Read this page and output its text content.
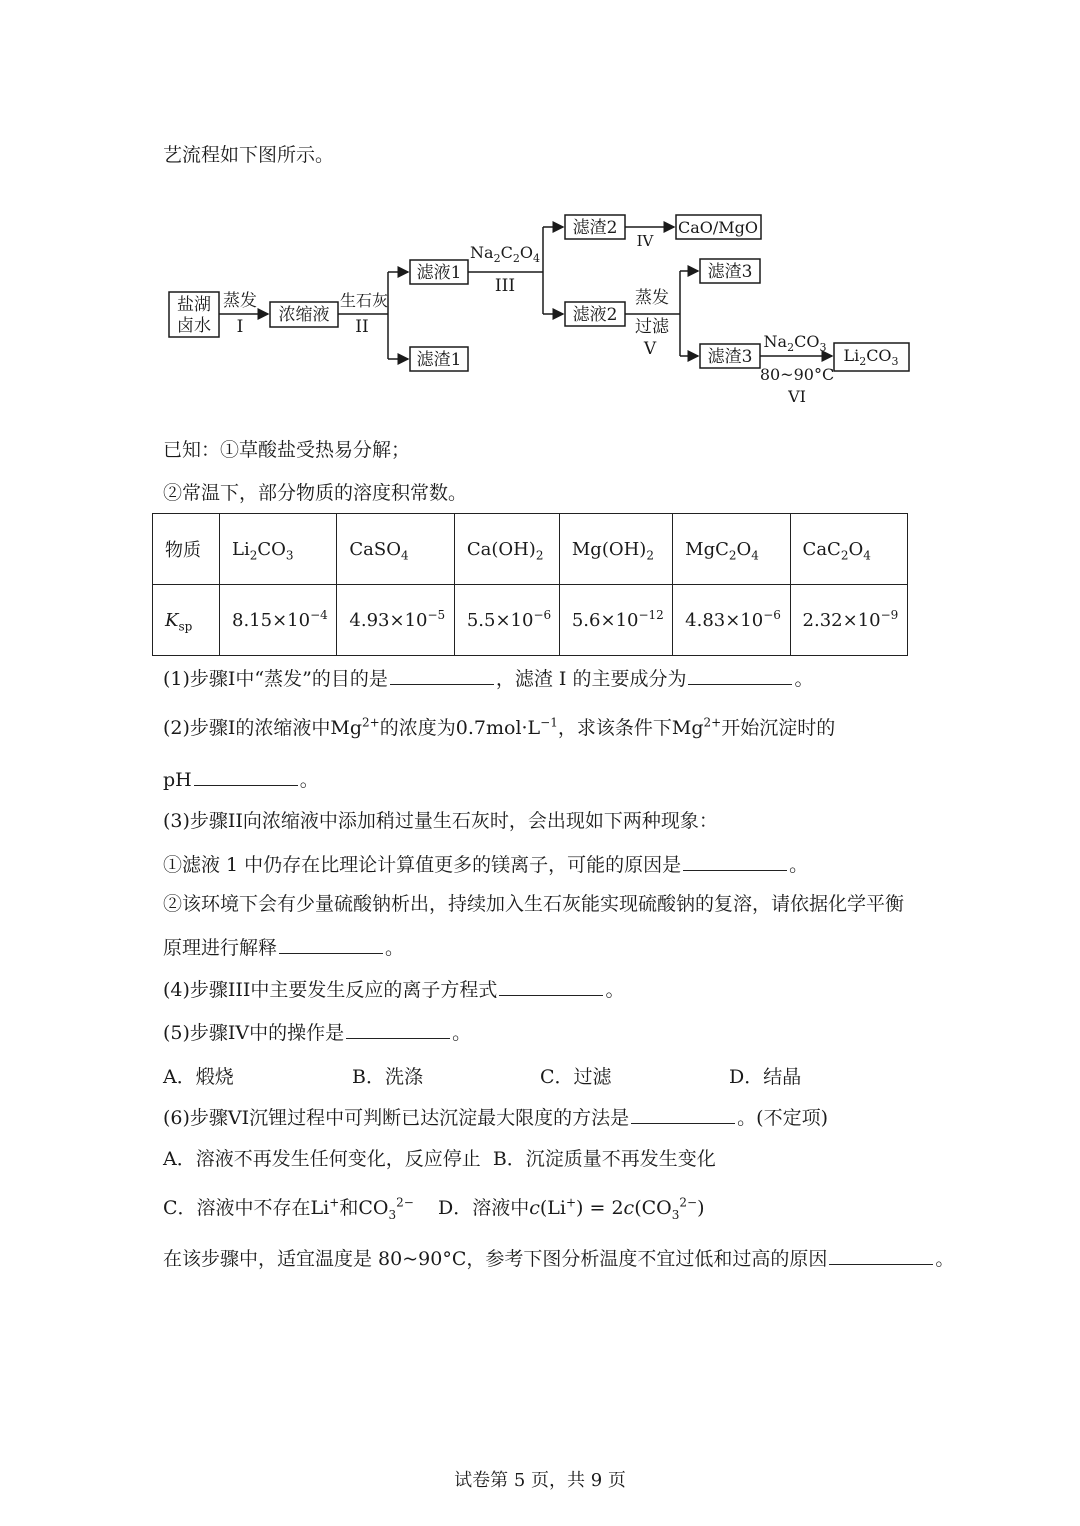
艺流程如下图所示。
盐湖
卤水
蒸发
I
浓缩液
生石灰
II
滤液1
滤渣1
$Na_2C_2O_4$
III
滤渣2
IV
CaO/MgO
滤液2
蒸发
过滤
V
滤渣3
滤渣3
$Na_2CO_3$
80~90°C
VI
$Li_2CO_3$
已知：①草酸盐受热易分解；
②常温下，部分物质的溶度积常数。
物质	$Li_2CO_3$	CaSO$_4$	$Ca(OH)_2$	$Mg(OH)_2$	$MgC_2O_4$	$CaC_2O_4$
$K_{sp}$	$8.15\times 10^{-4}$	$4.93\times 10^{-5}$	$5.5\times 10^{-6}$	$5.6\times 10^{-12}$	$4.83\times 10^{-6}$	$2.32\times 10^{-9}$
(1)步骤I中“蒸发”的目的是	，滤渣 I 的主要成分为	。
(2)步骤I的浓缩液中$Mg^{2+}$的浓度为$0.7mol\cdot L^{-1}$，求该条件下$Mg^{2+}$开始沉淀时的
pH	。
(3)步骤II向浓缩液中添加稍过量生石灰时，会出现如下两种现象：
①滤液 1 中仍存在比理论计算值更多的镁离子，可能的原因是	。
②该环境下会有少量硫酸钠析出，持续加入生石灰能实现硫酸钠的复溶，请依据化学平衡
原理进行解释	。
(4)步骤III中主要发生反应的离子方程式	。
(5)步骤IV中的操作是	。
A．煅烧	B．洗涤	C．过滤	D．结晶
(6)步骤VI沉锂过程中可判断已达沉淀最大限度的方法是	。(不定项)
A．溶液不再发生任何变化，反应停止 B．沉淀质量不再发生变化
C．溶液中不存在Li+和$CO_3^{2-}$ D．溶液中$c(Li^+) = 2c(CO_3^{2-})$
在该步骤中，适宜温度是 80~90°C，参考下图分析温度不宜过低和过高的原因	。
试卷第 5 页，共 9 页
